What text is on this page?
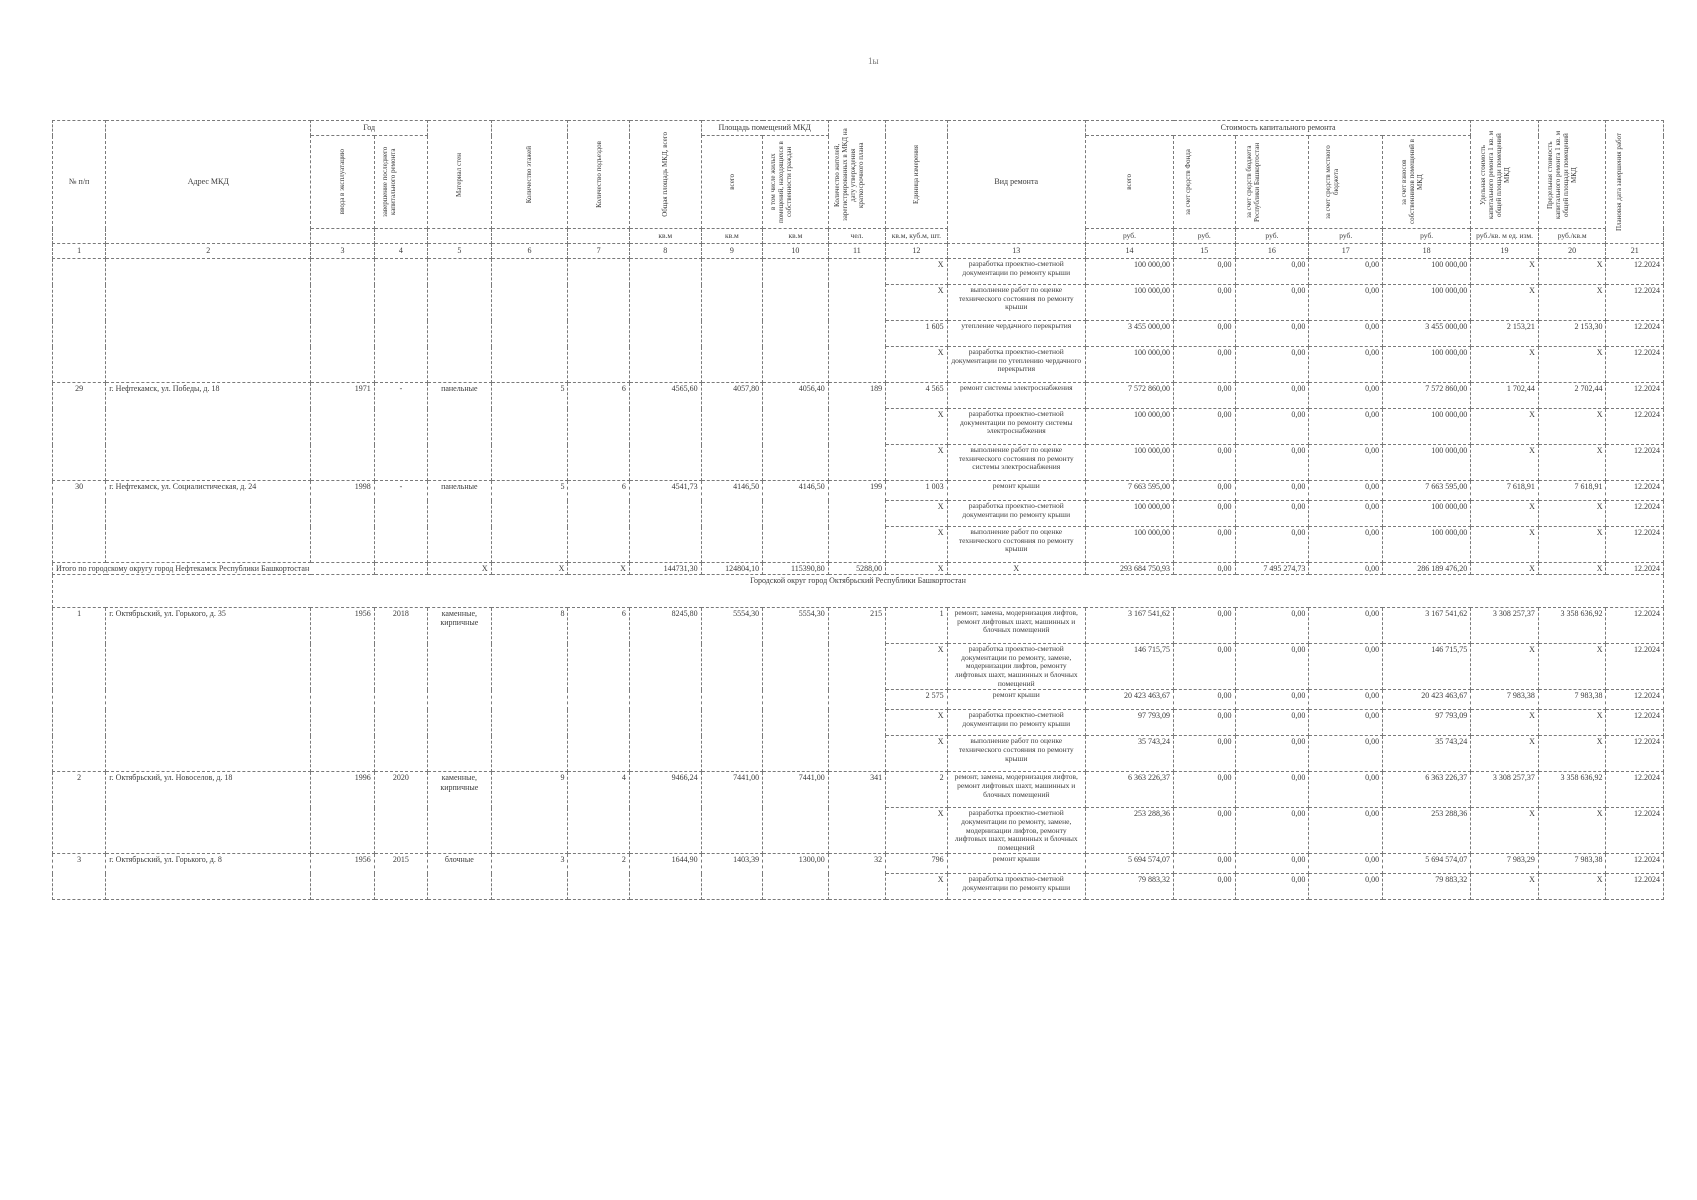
1ы
№ п/п	Адрес МКД	Год		Материал стен	Количество этажей	Количество подъездов	Общая площадь МКД, всего	Площадь помещений МКД		Количество жителей, зарегистрированных в МКД на дату утверждения краткосрочного плана	Единица измерения	Вид ремонта	Стоимость капитального ремонта					Удельная стоимость капитального ремонта 1 кв. м общей площади помещений МКД	Предельная стоимость капитального ремонта 1 кв. м общей площади помещений МКД	Плановая дата завершения работ

		ввода в эксплуатацию	завершение последнего капитального ремонта					всего	в том числе жилых помещений, находящихся в собственности граждан				всего	за счет средств Фонда	за счет средств бюджета Республики Башкортостан	за счет средств местного бюджета	за счет взносов собственников помещений в МКД			

							кв.м	кв.м	кв.м	чел.	кв.м, куб.м, шт.		руб.	руб.	руб.	руб.	руб.	руб./кв. м ед. изм.	руб./кв.м	
1	2	3	4	5	6	7	8	9	10	11	12	13	14	15	16	17	18	19	20	21
											X	разработка проектно-сметной документации по ремонту крыши	100 000,00	0,00	0,00	0,00	100 000,00	X	X	12.2024
											X	выполнение работ по оценке технического состояния по ремонту крыши	100 000,00	0,00	0,00	0,00	100 000,00	X	X	12.2024
											1 605	утепление чердачного перекрытия	3 455 000,00	0,00	0,00	0,00	3 455 000,00	2 153,21	2 153,30	12.2024
											X	разработка проектно-сметной документации по утеплению чердачного перекрытия	100 000,00	0,00	0,00	0,00	100 000,00	X	X	12.2024
29	г. Нефтекамск, ул. Победы, д. 18	1971	-	панельные	5	6	4565,60	4057,80	4056,40	189	4 565	ремонт системы электроснабжения	7 572 860,00	0,00	0,00	0,00	7 572 860,00	1 702,44	2 702,44	12.2024
											X	разработка проектно-сметной документации по ремонту системы электроснабжения	100 000,00	0,00	0,00	0,00	100 000,00	X	X	12.2024
											X	выполнение работ по оценке технического состояния по ремонту системы электроснабжения	100 000,00	0,00	0,00	0,00	100 000,00	X	X	12.2024
30	г. Нефтекамск, ул. Социалистическая, д. 24	1998	-	панельные	5	6	4541,73	4146,50	4146,50	199	1 003	ремонт крыши	7 663 595,00	0,00	0,00	0,00	7 663 595,00	7 618,91	7 618,91	12.2024
											X	разработка проектно-сметной документации по ремонту крыши	100 000,00	0,00	0,00	0,00	100 000,00	X	X	12.2024
											X	выполнение работ по оценке технического состояния по ремонту крыши	100 000,00	0,00	0,00	0,00	100 000,00	X	X	12.2024
Итого по городскому округу город Нефтекамск Республики Башкортостан				X	X	X	144731,30	124804,10	115390,80	5288,00	X	X	293 684 750,93	0,00	7 495 274,73	0,00	286 189 476,20	X	X	12.2024
Городской округ город Октябрьский Республики Башкортостан																				
1	г. Октябрьский, ул. Горького, д. 35	1956	2018	каменные, кирпичные	8	6	8245,80	5554,30	5554,30	215	1	ремонт, замена, модернизация лифтов, ремонт лифтовых шахт, машинных и блочных помещений	3 167 541,62	0,00	0,00	0,00	3 167 541,62	3 308 257,37	3 358 636,92	12.2024
											X	разработка проектно-сметной документации по ремонту, замене, модернизации лифтов, ремонту лифтовых шахт, машинных и блочных помещений	146 715,75	0,00	0,00	0,00	146 715,75	X	X	12.2024
											2 575	ремонт крыши	20 423 463,67	0,00	0,00	0,00	20 423 463,67	7 983,38	7 983,38	12.2024
											X	разработка проектно-сметной документации по ремонту крыши	97 793,09	0,00	0,00	0,00	97 793,09	X	X	12.2024
											X	выполнение работ по оценке технического состояния по ремонту крыши	35 743,24	0,00	0,00	0,00	35 743,24	X	X	12.2024
2	г. Октябрьский, ул. Новоселов, д. 18	1996	2020	каменные, кирпичные	9	4	9466,24	7441,00	7441,00	341	2	ремонт, замена, модернизация лифтов, ремонт лифтовых шахт, машинных и блочных помещений	6 363 226,37	0,00	0,00	0,00	6 363 226,37	3 308 257,37	3 358 636,92	12.2024
											X	разработка проектно-сметной документации по ремонту, замене, модернизации лифтов, ремонту лифтовых шахт, машинных и блочных помещений	253 288,36	0,00	0,00	0,00	253 288,36	X	X	12.2024
3	г. Октябрьский, ул. Горького, д. 8	1956	2015	блочные	3	2	1644,90	1403,39	1300,00	32	796	ремонт крыши	5 694 574,07	0,00	0,00	0,00	5 694 574,07	7 983,29	7 983,38	12.2024
											X	разработка проектно-сметной документации по ремонту крыши	79 883,32	0,00	0,00	0,00	79 883,32	X	X	12.2024
